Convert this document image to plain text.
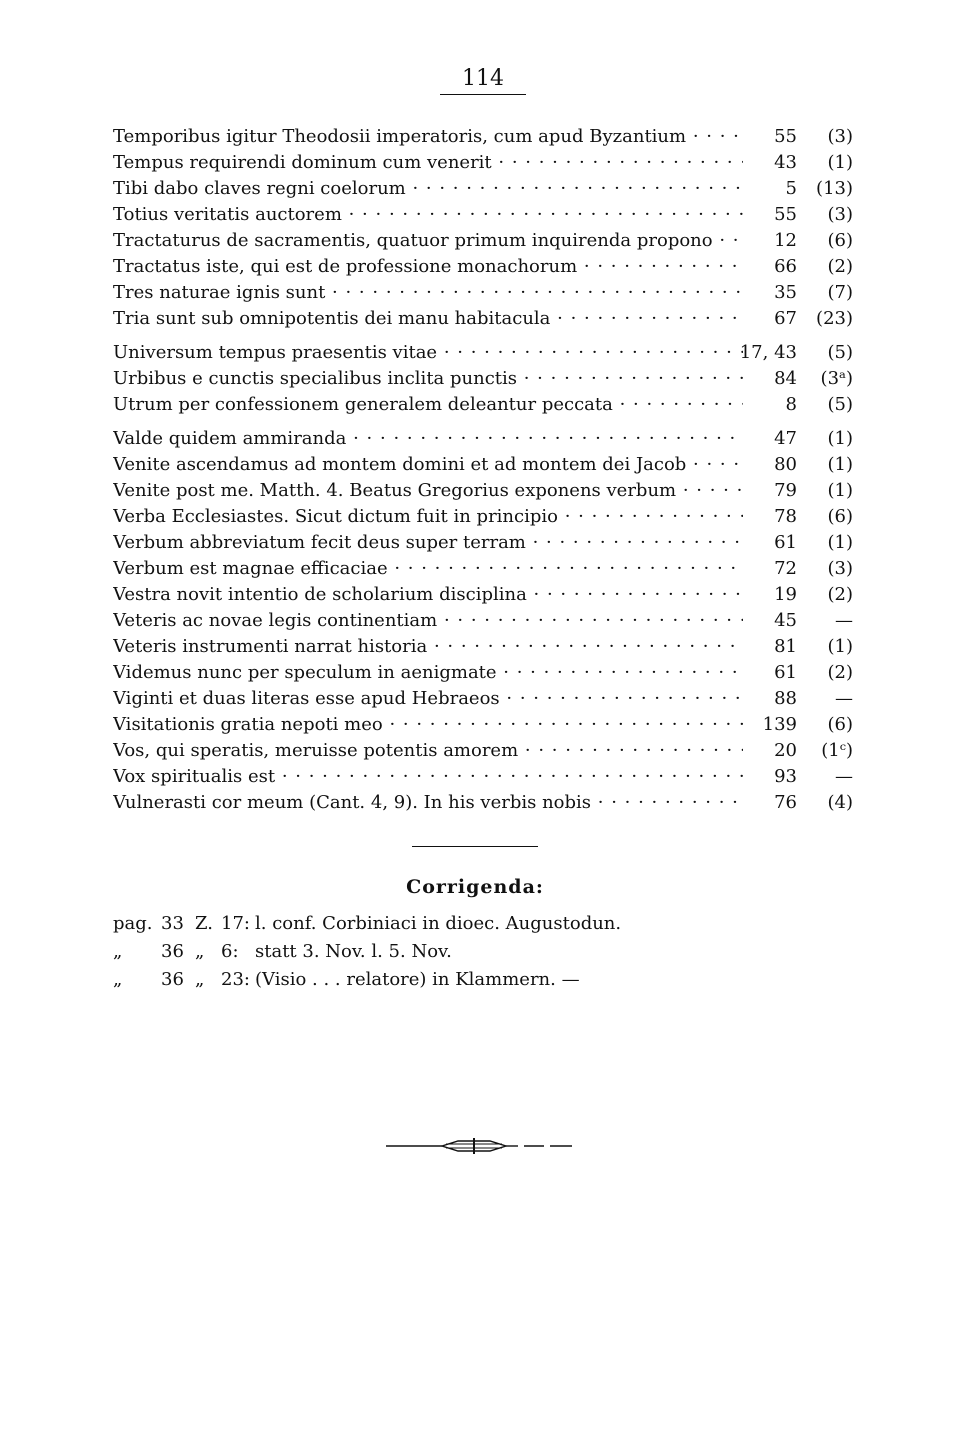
114
Temporibus igitur Theodosii imperatoris, cum apud Byzantium · · ·	55	(3)
Tempus requirendi dominum cum venerit · · ·	43	(1)
Tibi dabo claves regni coelorum · · ·	5	(13)
Totius veritatis auctorem · · ·	55	(3)
Tractaturus de sacramentis, quatuor primum inquirenda propono · · ·	12	(6)
Tractatus iste, qui est de professione monachorum · · ·	66	(2)
Tres naturae ignis sunt · · ·	35	(7)
Tria sunt sub omnipotentis dei manu habitacula · · ·	67	(23)
Universum tempus praesentis vitae · · ·	17, 43	(5)
Urbibus e cunctis specialibus inclita punctis · · ·	84	(3ᵃ)
Utrum per confessionem generalem deleantur peccata · · ·	8	(5)
Valde quidem ammiranda · · ·	47	(1)
Venite ascendamus ad montem domini et ad montem dei Jacob · · ·	80	(1)
Venite post me. Matth. 4. Beatus Gregorius exponens verbum · · ·	79	(1)
Verba Ecclesiastes. Sicut dictum fuit in principio · · ·	78	(6)
Verbum abbreviatum fecit deus super terram · · ·	61	(1)
Verbum est magnae efficaciae · · ·	72	(3)
Vestra novit intentio de scholarium disciplina · · ·	19	(2)
Veteris ac novae legis continentiam · · ·	45	—
Veteris instrumenti narrat historia · · ·	81	(1)
Videmus nunc per speculum in aenigmate · · ·	61	(2)
Viginti et duas literas esse apud Hebraeos · · ·	88	—
Visitationis gratia nepoti meo · · ·	139	(6)
Vos, qui speratis, meruisse potentis amorem · · ·	20	(1ᶜ)
Vox spiritualis est · · ·	93	—
Vulnerasti cor meum (Cant. 4, 9). In his verbis nobis · · ·	76	(4)
Corrigenda:
pag. 33 Z. 17: l. conf. Corbiniaci in dioec. Augustodun.
„ 36 „ 6: statt 3. Nov. l. 5. Nov.
„ 36 „ 23: (Visio . . . relatore) in Klammern. —
